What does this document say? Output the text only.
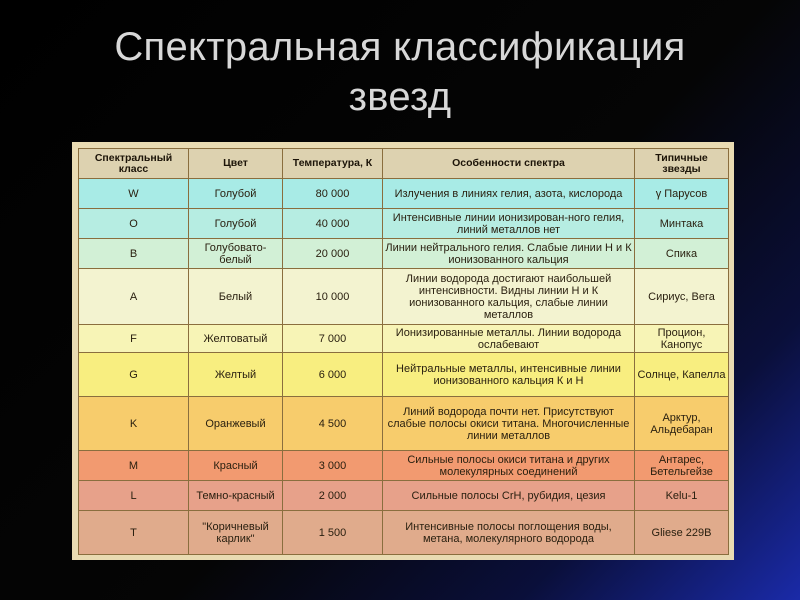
Спектральная классификация
звезд
Спектральный класс	Цвет	Температура, К	Особенности спектра	Типичные звезды
W	Голубой	80 000	Излучения в линиях гелия, азота, кислорода	γ Парусов
O	Голубой	40 000	Интенсивные линии ионизирован-ного гелия, линий металлов нет	Минтака
B	Голубовато-белый	20 000	Линии нейтрального гелия. Слабые линии Н и К ионизованного кальция	Спика
A	Белый	10 000	Линии водорода достигают наибольшей интенсивности. Видны линии Н и К ионизованного кальция, слабые линии металлов	Сириус, Вега
F	Желтоватый	7 000	Ионизированные металлы. Линии водорода ослабевают	Процион, Канопус
G	Желтый	6 000	Нейтральные металлы, интенсивные линии ионизованного кальция К и Н	Солнце, Капелла
K	Оранжевый	4 500	Линий водорода почти нет. Присутствуют слабые полосы окиси титана. Многочисленные линии металлов	Арктур, Альдебаран
M	Красный	3 000	Сильные полосы окиси титана и других молекулярных соединений	Антарес, Бетельгейзе
L	Темно-красный	2 000	Сильные полосы CrH, рубидия, цезия	Kelu-1
T	"Коричневый карлик"	1 500	Интенсивные полосы поглощения воды, метана, молекулярного водорода	Gliese 229B
